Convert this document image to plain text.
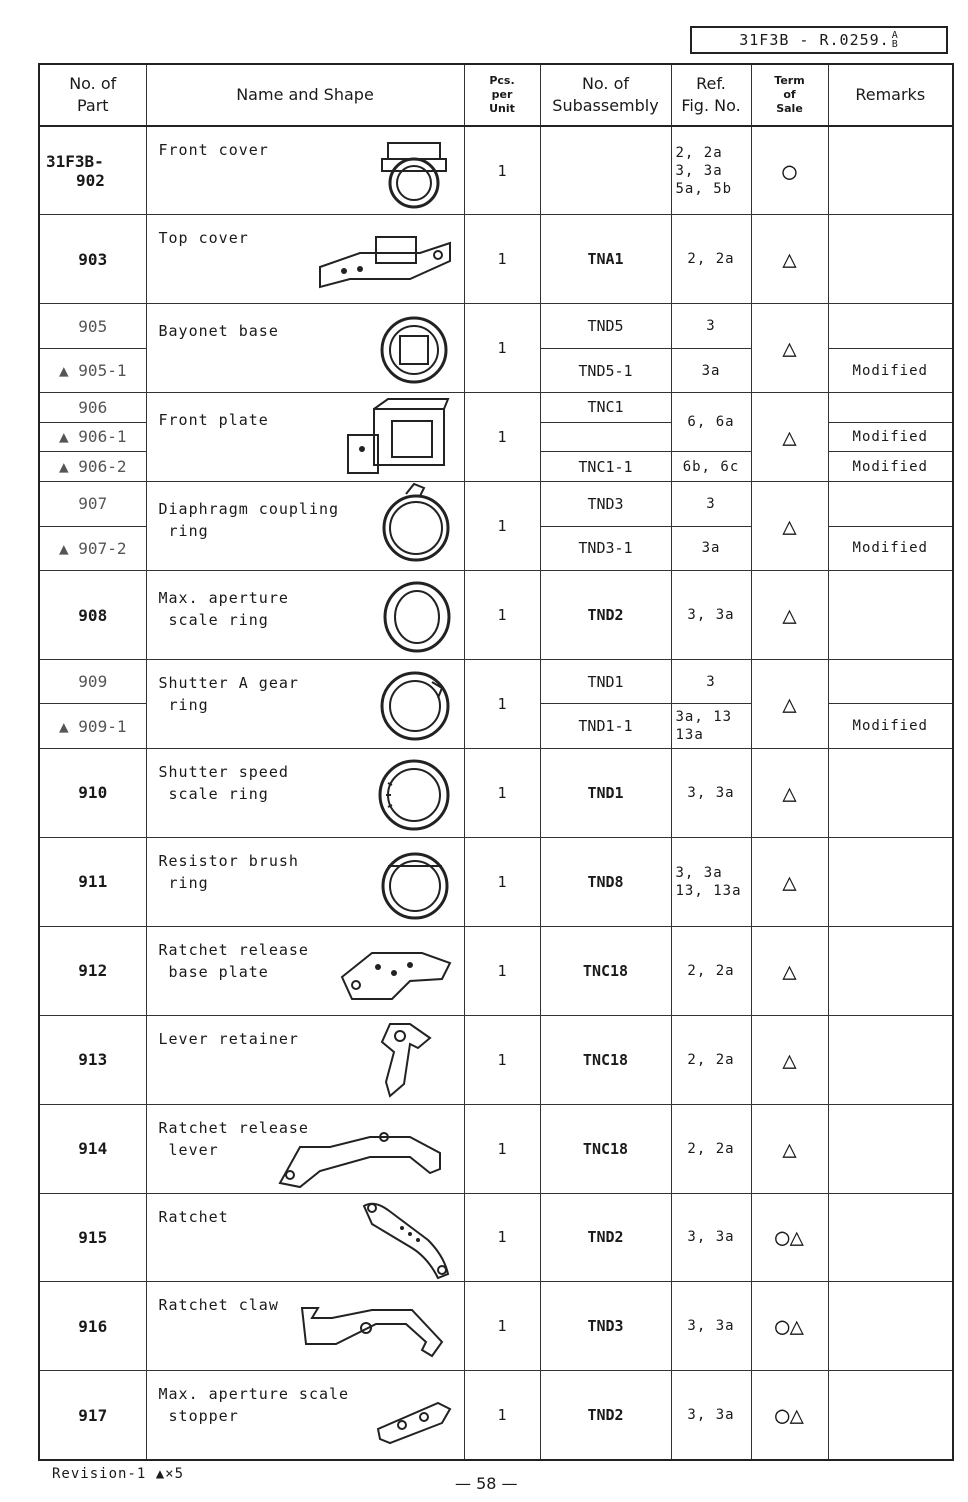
31F3B - R.0259. A
B
No. of
Part	Name and Shape	Pcs.
per
Unit	No. of
Subassembly	Ref.
Fig. No.	Term
of
Sale	Remarks
31F3B-
902	Front cover	1		2, 2a
3, 3a
5a, 5b	○	
903	Top cover	1	TNA1	2, 2a	△	
905	Bayonet base	1	TND5	3	△	
▲ 905-1			TND5-1	3a		Modified
906	Front plate	1	TNC1	6, 6a	△	
▲ 906-1						Modified
▲ 906-2			TNC1-1	6b, 6c		Modified
907	Diaphragm coupling
ring	1	TND3	3	△	
▲ 907-2			TND3-1	3a		Modified
908	Max. aperture
scale ring	1	TND2	3, 3a	△	
909	Shutter A gear
ring	1	TND1	3	△	
▲ 909-1			TND1-1	3a, 13
13a		Modified
910	Shutter speed
scale ring	1	TND1	3, 3a	△	
911	Resistor brush
ring	1	TND8	3, 3a
13, 13a	△	
912	Ratchet release
base plate	1	TNC18	2, 2a	△	
913	Lever retainer	1	TNC18	2, 2a	△	
914	Ratchet release
lever	1	TNC18	2, 2a	△	
915	Ratchet	1	TND2	3, 3a	○△	
916	Ratchet claw	1	TND3	3, 3a	○△	
917	Max. aperture scale
stopper	1	TND2	3, 3a	○△	
Revision-1 ▲×5	— 58 —
